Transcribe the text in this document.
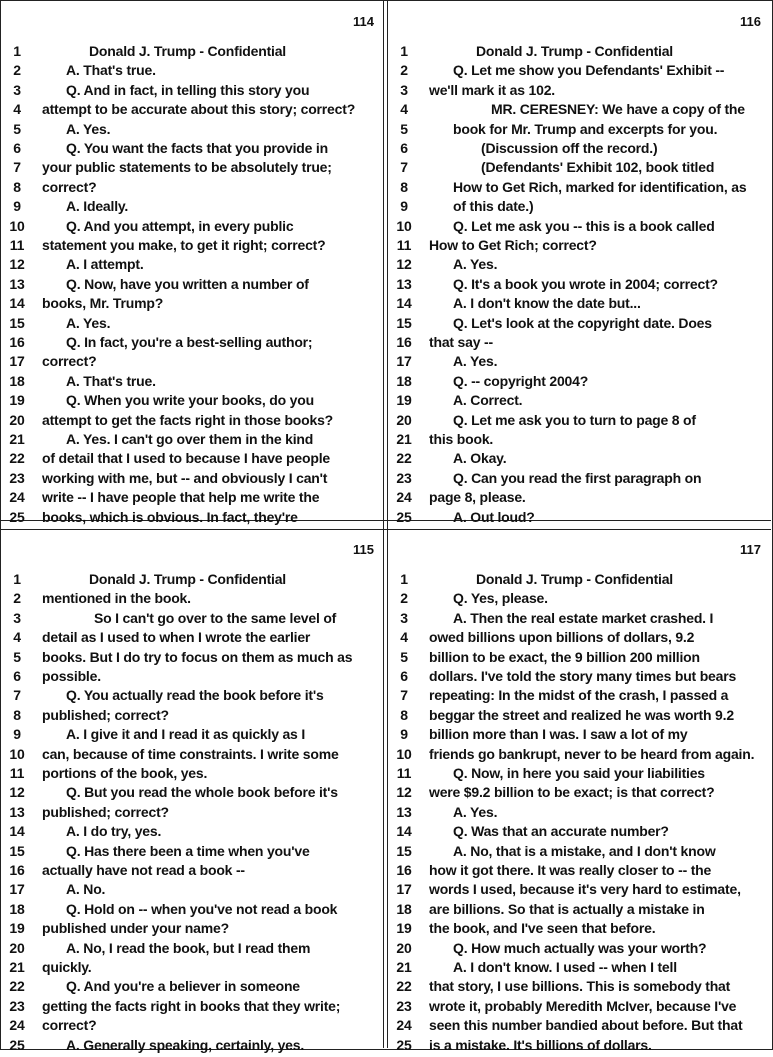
114
1	Donald J. Trump - Confidential
2	A. That's true.
3	Q. And in fact, in telling this story you
4	attempt to be accurate about this story; correct?
5	A. Yes.
6	Q. You want the facts that you provide in
7	your public statements to be absolutely true;
8	correct?
9	A. Ideally.
10	Q. And you attempt, in every public
11	statement you make, to get it right; correct?
12	A. I attempt.
13	Q. Now, have you written a number of
14	books, Mr. Trump?
15	A. Yes.
16	Q. In fact, you're a best-selling author;
17	correct?
18	A. That's true.
19	Q. When you write your books, do you
20	attempt to get the facts right in those books?
21	A. Yes. I can't go over them in the kind
22	of detail that I used to because I have people
23	working with me, but -- and obviously I can't
24	write -- I have people that help me write the
25	books, which is obvious. In fact, they're
116
1	Donald J. Trump - Confidential
2	Q. Let me show you Defendants' Exhibit --
3	we'll mark it as 102.
4	MR. CERESNEY: We have a copy of the
5	book for Mr. Trump and excerpts for you.
6	(Discussion off the record.)
7	(Defendants' Exhibit 102, book titled
8	How to Get Rich, marked for identification, as
9	of this date.)
10	Q. Let me ask you -- this is a book called
11	How to Get Rich; correct?
12	A. Yes.
13	Q. It's a book you wrote in 2004; correct?
14	A. I don't know the date but...
15	Q. Let's look at the copyright date. Does
16	that say --
17	A. Yes.
18	Q. -- copyright 2004?
19	A. Correct.
20	Q. Let me ask you to turn to page 8 of
21	this book.
22	A. Okay.
23	Q. Can you read the first paragraph on
24	page 8, please.
25	A. Out loud?
115
1	Donald J. Trump - Confidential
2	mentioned in the book.
3	So I can't go over to the same level of
4	detail as I used to when I wrote the earlier
5	books. But I do try to focus on them as much as
6	possible.
7	Q. You actually read the book before it's
8	published; correct?
9	A. I give it and I read it as quickly as I
10	can, because of time constraints. I write some
11	portions of the book, yes.
12	Q. But you read the whole book before it's
13	published; correct?
14	A. I do try, yes.
15	Q. Has there been a time when you've
16	actually have not read a book --
17	A. No.
18	Q. Hold on -- when you've not read a book
19	published under your name?
20	A. No, I read the book, but I read them
21	quickly.
22	Q. And you're a believer in someone
23	getting the facts right in books that they write;
24	correct?
25	A. Generally speaking, certainly, yes.
117
1	Donald J. Trump - Confidential
2	Q. Yes, please.
3	A. Then the real estate market crashed. I
4	owed billions upon billions of dollars, 9.2
5	billion to be exact, the 9 billion 200 million
6	dollars. I've told the story many times but bears
7	repeating: In the midst of the crash, I passed a
8	beggar the street and realized he was worth 9.2
9	billion more than I was. I saw a lot of my
10	friends go bankrupt, never to be heard from again.
11	Q. Now, in here you said your liabilities
12	were $9.2 billion to be exact; is that correct?
13	A. Yes.
14	Q. Was that an accurate number?
15	A. No, that is a mistake, and I don't know
16	how it got there. It was really closer to -- the
17	words I used, because it's very hard to estimate,
18	are billions. So that is actually a mistake in
19	the book, and I've seen that before.
20	Q. How much actually was your worth?
21	A. I don't know. I used -- when I tell
22	that story, I use billions. This is somebody that
23	wrote it, probably Meredith McIver, because I've
24	seen this number bandied about before. But that
25	is a mistake. It's billions of dollars.
